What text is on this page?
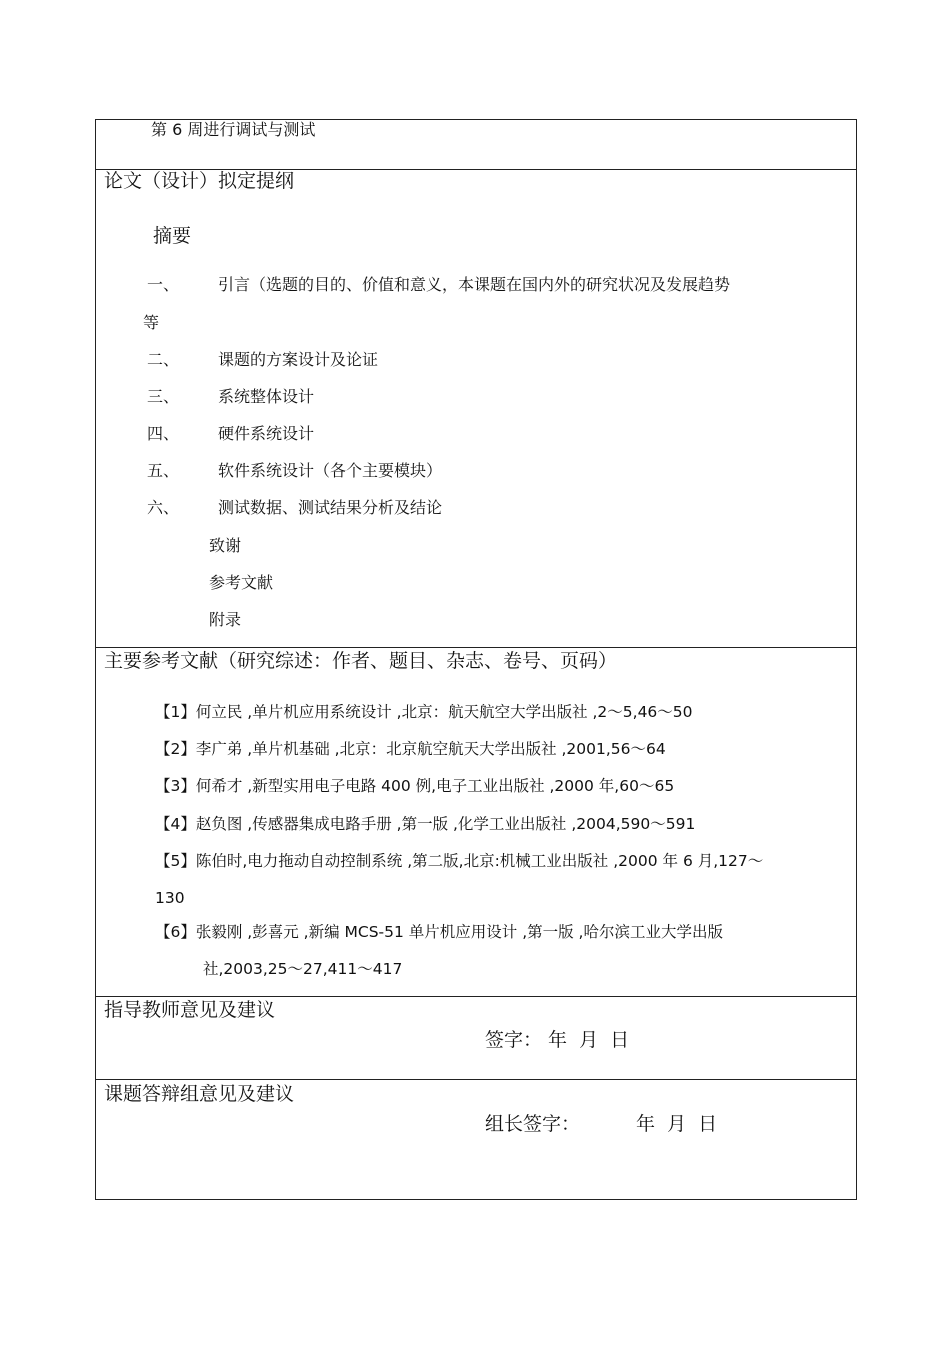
第 6 周进行调试与测试
论文（设计）拟定提纲
摘要
一、 引言（选题的目的、价值和意义，本课题在国内外的研究状况及发展趋势
等
二、 课题的方案设计及论证
三、 系统整体设计
四、 硬件系统设计
五、 软件系统设计（各个主要模块）
六、 测试数据、测试结果分析及结论
致谢
参考文献
附录
主要参考文献（研究综述：作者、题目、杂志、卷号、页码）
【1】何立民 ,单片机应用系统设计 ,北京：航天航空大学出版社 ,2～5,46～50
【2】李广弟 ,单片机基础 ,北京：北京航空航天大学出版社 ,2001,56～64
【3】何希才 ,新型实用电子电路 400 例,电子工业出版社 ,2000 年,60～65
【4】赵负图 ,传感器集成电路手册 ,第一版 ,化学工业出版社 ,2004,590～591
【5】陈伯时,电力拖动自动控制系统 ,第二版,北京:机械工业出版社 ,2000 年 6 月,127～
130
【6】张毅刚 ,彭喜元 ,新编 MCS-51 单片机应用设计 ,第一版 ,哈尔滨工业大学出版
社,2003,25～27,411～417
指导教师意见及建议
签字： 年  月  日
课题答辩组意见及建议
组长签字：	年  月  日
